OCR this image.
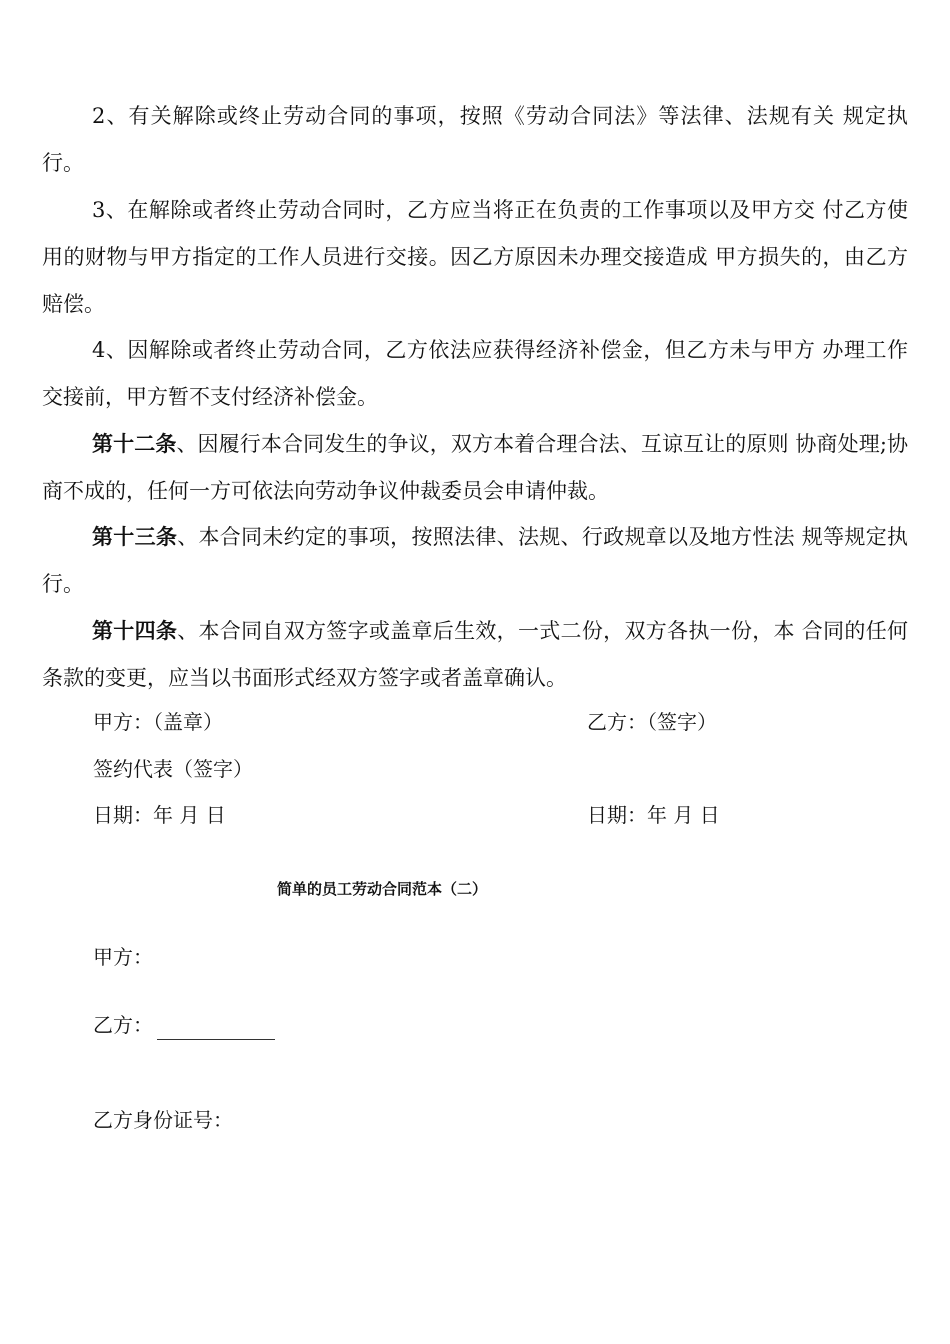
2、有关解除或终止劳动合同的事项，按照《劳动合同法》等法律、法规有关 规定执行。

3、在解除或者终止劳动合同时，乙方应当将正在负责的工作事项以及甲方交 付乙方使用的财物与甲方指定的工作人员进行交接。因乙方原因未办理交接造成 甲方损失的，由乙方赔偿。

4、因解除或者终止劳动合同，乙方依法应获得经济补偿金，但乙方未与甲方 办理工作交接前，甲方暂不支付经济补偿金。

第十二条、因履行本合同发生的争议，双方本着合理合法、互谅互让的原则 协商处理;协商不成的，任何一方可依法向劳动争议仲裁委员会申请仲裁。

第十三条、本合同未约定的事项，按照法律、法规、行政规章以及地方性法 规等规定执行。

第十四条、本合同自双方签字或盖章后生效，一式二份，双方各执一份，本 合同的任何条款的变更，应当以书面形式经双方签字或者盖章确认。

甲方：（盖章）	乙方：（签字）

签约代表（签字）

日期：年 月 日	日期：年 月 日

简单的员工劳动合同范本（二）

甲方：

乙方：

乙方身份证号：
